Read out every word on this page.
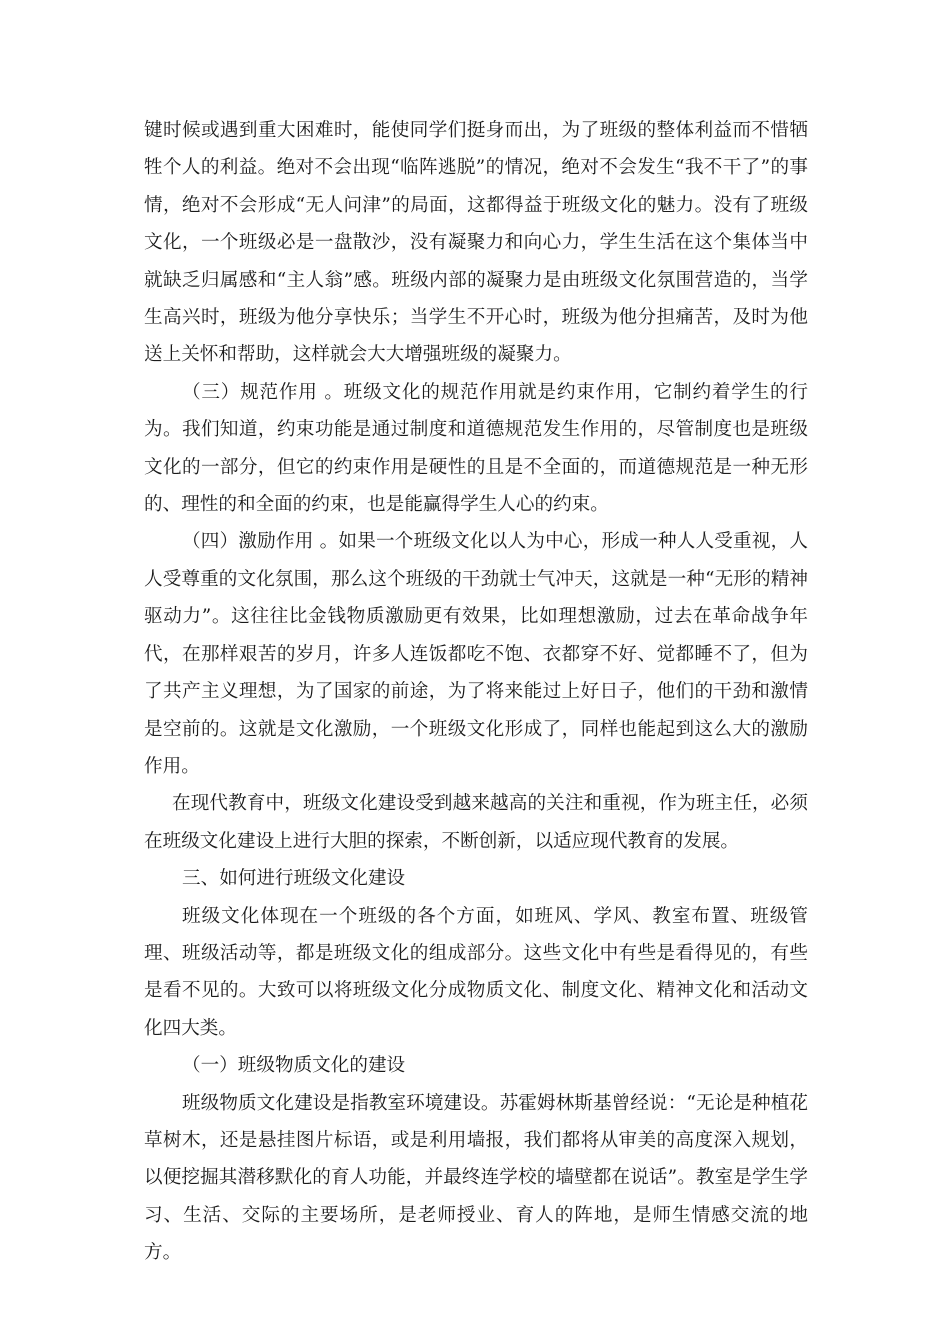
键时候或遇到重大困难时，能使同学们挺身而出，为了班级的整体利益而不惜牺牲个人的利益。绝对不会出现“临阵逃脱”的情况，绝对不会发生“我不干了”的事情，绝对不会形成“无人问津”的局面，这都得益于班级文化的魅力。没有了班级文化，一个班级必是一盘散沙，没有凝聚力和向心力，学生生活在这个集体当中就缺乏归属感和“主人翁”感。班级内部的凝聚力是由班级文化氛围营造的，当学生高兴时，班级为他分享快乐；当学生不开心时，班级为他分担痛苦，及时为他送上关怀和帮助，这样就会大大增强班级的凝聚力。

（三）规范作用 。班级文化的规范作用就是约束作用，它制约着学生的行为。我们知道，约束功能是通过制度和道德规范发生作用的，尽管制度也是班级文化的一部分，但它的约束作用是硬性的且是不全面的，而道德规范是一种无形的、理性的和全面的约束，也是能赢得学生人心的约束。

（四）激励作用 。如果一个班级文化以人为中心，形成一种人人受重视，人人受尊重的文化氛围，那么这个班级的干劲就士气冲天，这就是一种“无形的精神驱动力”。这往往比金钱物质激励更有效果，比如理想激励，过去在革命战争年代，在那样艰苦的岁月，许多人连饭都吃不饱、衣都穿不好、觉都睡不了，但为了共产主义理想，为了国家的前途，为了将来能过上好日子，他们的干劲和激情是空前的。这就是文化激励，一个班级文化形成了，同样也能起到这么大的激励作用。

在现代教育中，班级文化建设受到越来越高的关注和重视，作为班主任，必须在班级文化建设上进行大胆的探索，不断创新，以适应现代教育的发展。

三、如何进行班级文化建设

班级文化体现在一个班级的各个方面，如班风、学风、教室布置、班级管理、班级活动等，都是班级文化的组成部分。这些文化中有些是看得见的，有些是看不见的。大致可以将班级文化分成物质文化、制度文化、精神文化和活动文化四大类。

（一）班级物质文化的建设

班级物质文化建设是指教室环境建设。苏霍姆林斯基曾经说：“无论是种植花草树木，还是悬挂图片标语，或是利用墙报，我们都将从审美的高度深入规划，以便挖掘其潜移默化的育人功能，并最终连学校的墙壁都在说话”。教室是学生学习、生活、交际的主要场所，是老师授业、育人的阵地，是师生情感交流的地方。
